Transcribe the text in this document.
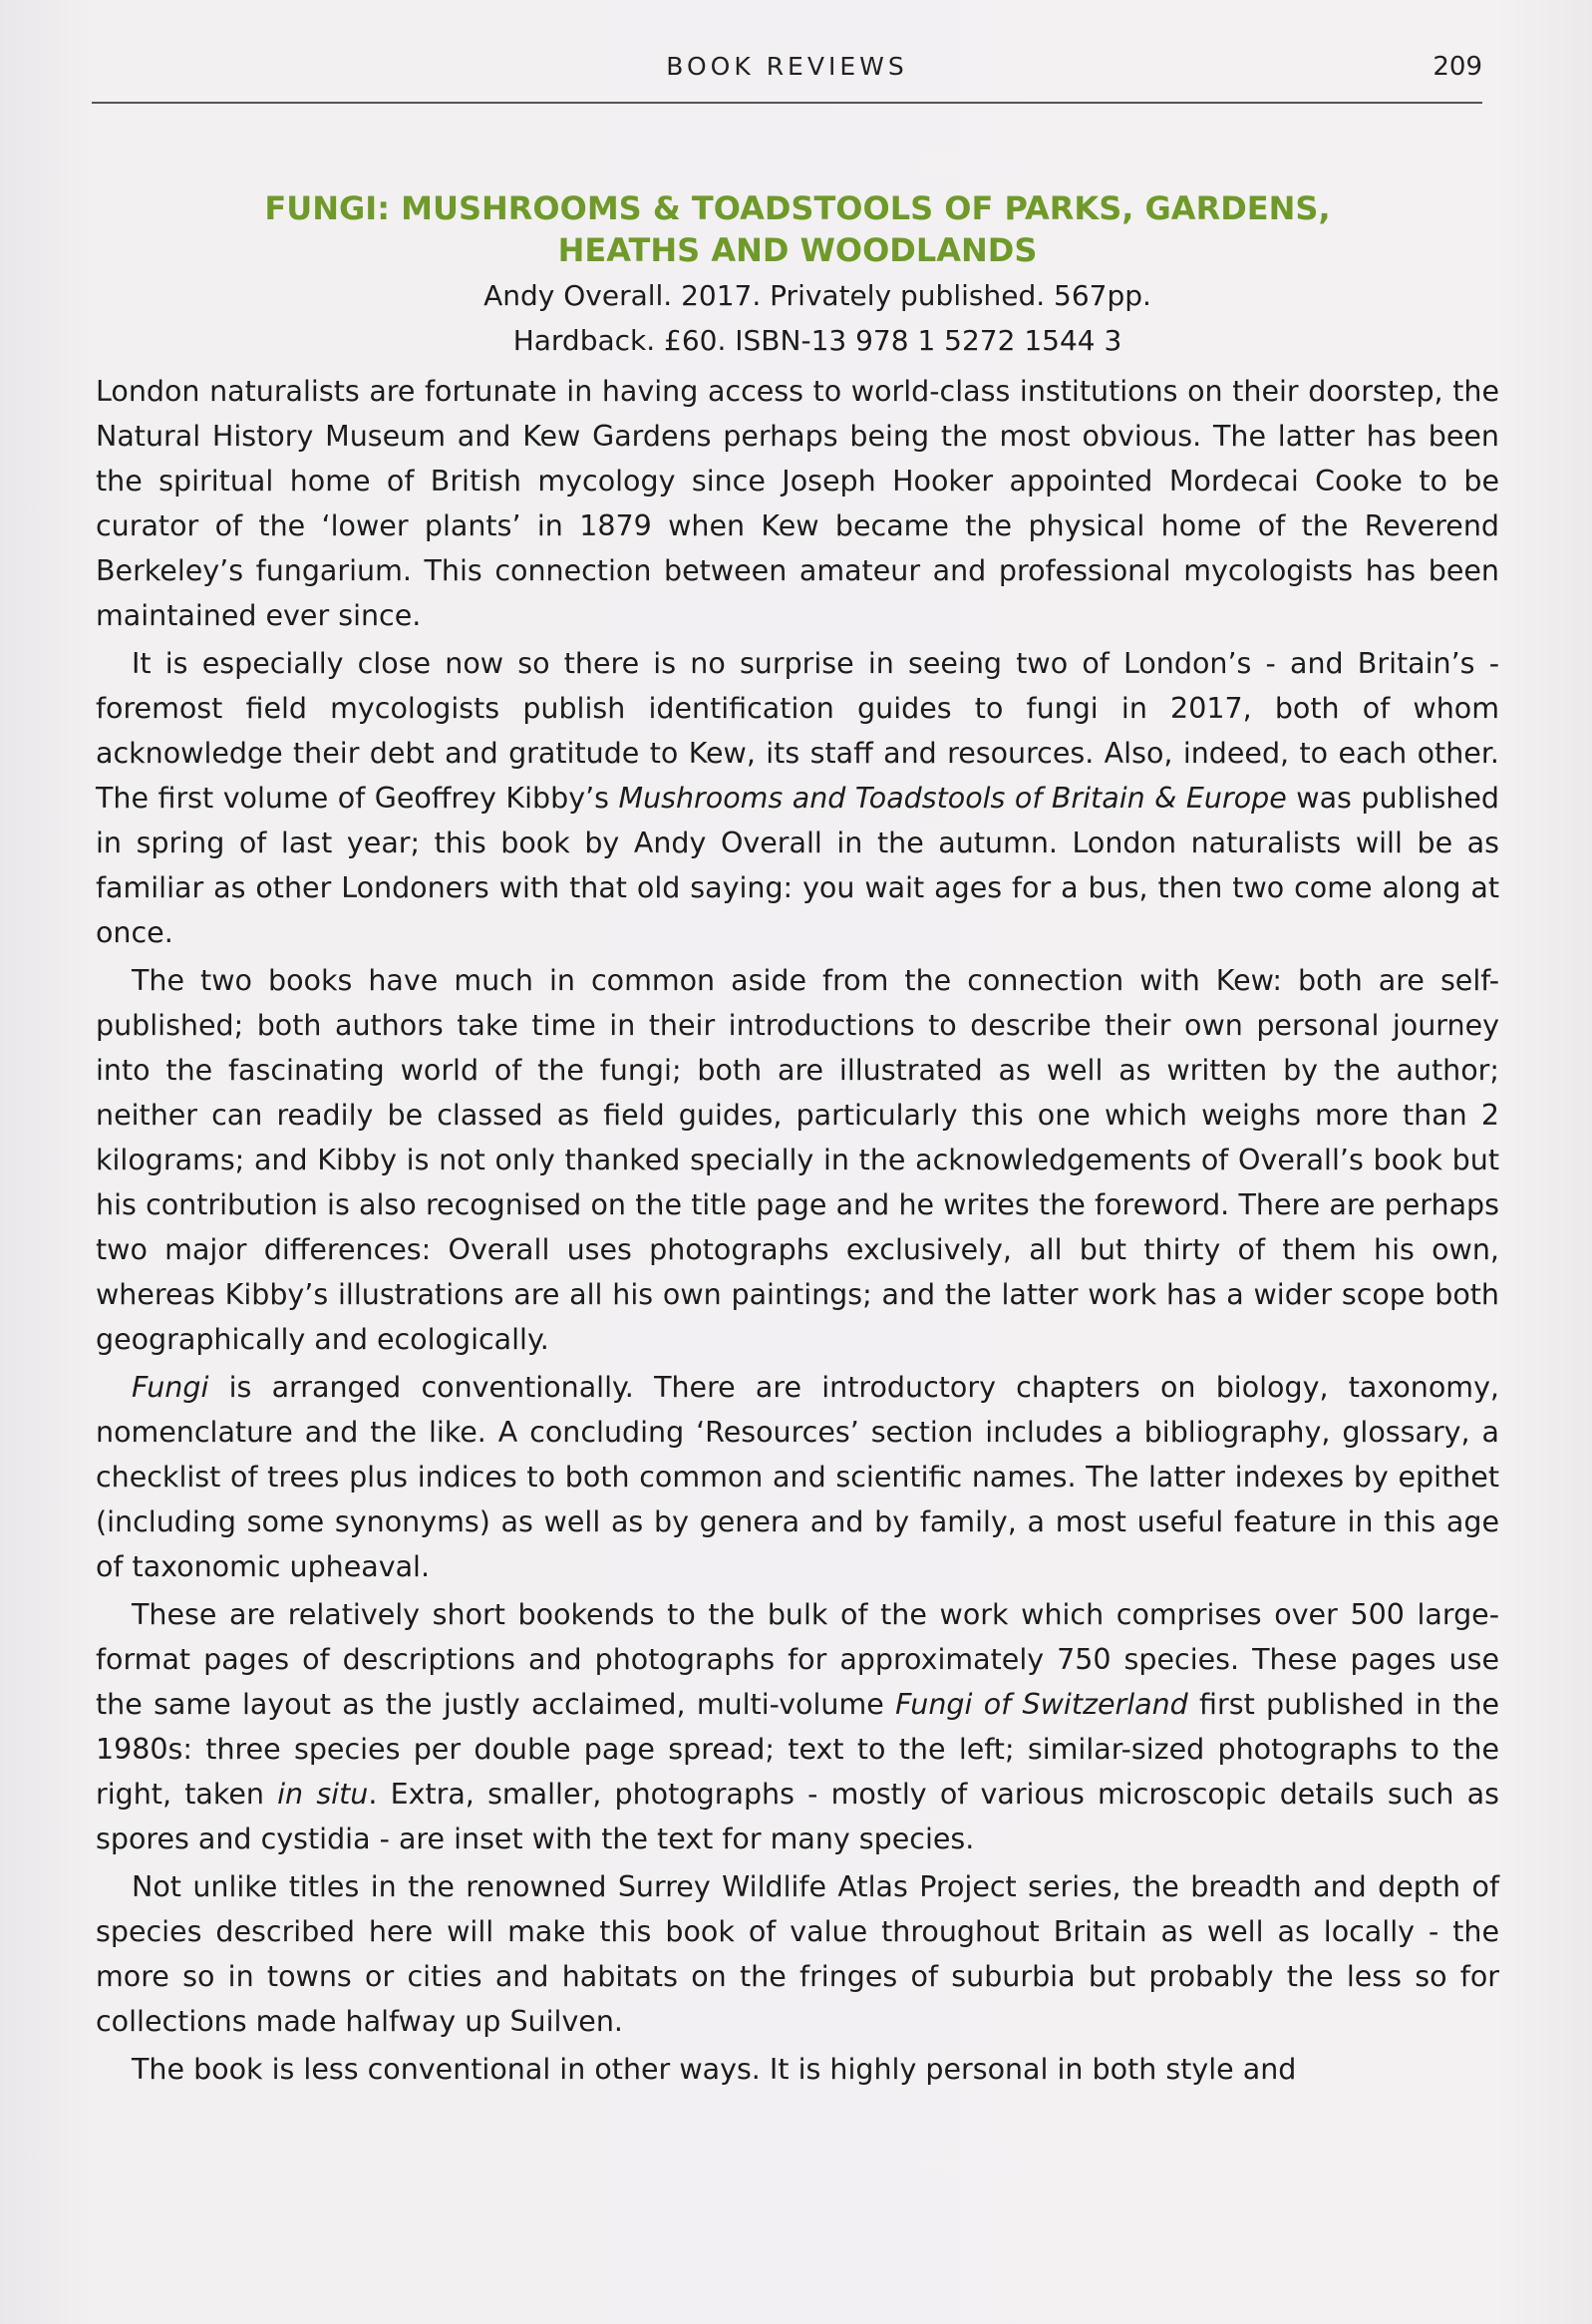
BOOK REVIEWS	209
FUNGI: MUSHROOMS & TOADSTOOLS OF PARKS, GARDENS,
HEATHS AND WOODLANDS
Andy Overall. 2017. Privately published. 567pp.
Hardback. £60. ISBN-13 978 1 5272 1544 3

London naturalists are fortunate in having access to world-class institutions on their doorstep, the Natural History Museum and Kew Gardens perhaps being the most obvious. The latter has been the spiritual home of British mycology since Joseph Hooker appointed Mordecai Cooke to be curator of the ‘lower plants’ in 1879 when Kew became the physical home of the Reverend Berkeley’s fungarium. This connection between amateur and professional mycologists has been maintained ever since.

It is especially close now so there is no surprise in seeing two of London’s - and Britain’s - foremost field mycologists publish identification guides to fungi in 2017, both of whom acknowledge their debt and gratitude to Kew, its staff and resources. Also, indeed, to each other. The first volume of Geoffrey Kibby’s Mushrooms and Toadstools of Britain & Europe was published in spring of last year; this book by Andy Overall in the autumn. London naturalists will be as familiar as other Londoners with that old saying: you wait ages for a bus, then two come along at once.

The two books have much in common aside from the connection with Kew: both are self-published; both authors take time in their introductions to describe their own personal journey into the fascinating world of the fungi; both are illustrated as well as written by the author; neither can readily be classed as field guides, particularly this one which weighs more than 2 kilograms; and Kibby is not only thanked specially in the acknowledgements of Overall’s book but his contribution is also recognised on the title page and he writes the foreword. There are perhaps two major differences: Overall uses photographs exclusively, all but thirty of them his own, whereas Kibby’s illustrations are all his own paintings; and the latter work has a wider scope both geographically and ecologically.

Fungi is arranged conventionally. There are introductory chapters on biology, taxonomy, nomenclature and the like. A concluding ‘Resources’ section includes a bibliography, glossary, a checklist of trees plus indices to both common and scientific names. The latter indexes by epithet (including some synonyms) as well as by genera and by family, a most useful feature in this age of taxonomic upheaval.

These are relatively short bookends to the bulk of the work which comprises over 500 large-format pages of descriptions and photographs for approximately 750 species. These pages use the same layout as the justly acclaimed, multi-volume Fungi of Switzerland first published in the 1980s: three species per double page spread; text to the left; similar-sized photographs to the right, taken in situ. Extra, smaller, photographs - mostly of various microscopic details such as spores and cystidia - are inset with the text for many species.

Not unlike titles in the renowned Surrey Wildlife Atlas Project series, the breadth and depth of species described here will make this book of value throughout Britain as well as locally - the more so in towns or cities and habitats on the fringes of suburbia but probably the less so for collections made halfway up Suilven.

The book is less conventional in other ways. It is highly personal in both style and
